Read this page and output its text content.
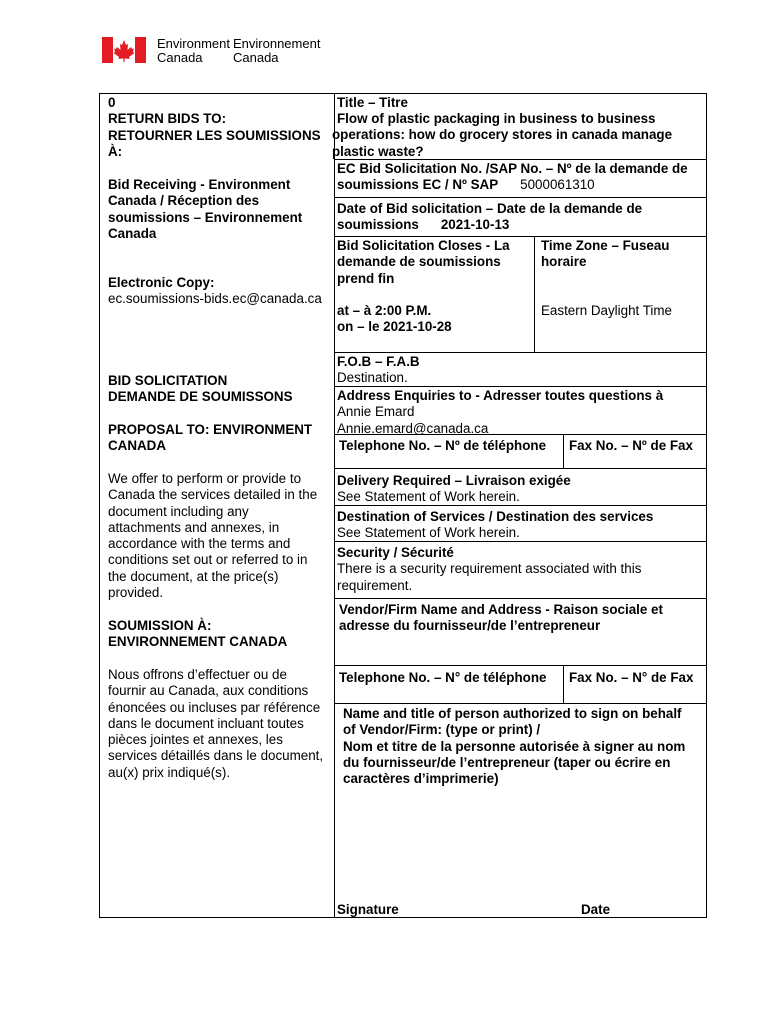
Environment
Canada
Environnement
Canada
0
RETURN BIDS TO:
RETOURNER LES SOUMISSIONS
À:
Bid Receiving - Environment
Canada / Réception des
soumissions – Environnement
Canada
Electronic Copy:
ec.soumissions-bids.ec@canada.ca
BID SOLICITATION
DEMANDE DE SOUMISSONS
PROPOSAL TO: ENVIRONMENT
CANADA
We offer to perform or provide to
Canada the services detailed in the
document including any
attachments and annexes, in
accordance with the terms and
conditions set out or referred to in
the document, at the price(s)
provided.
SOUMISSION À:
ENVIRONNEMENT CANADA
Nous offrons d’effectuer ou de
fournir au Canada, aux conditions
énoncées ou incluses par référence
dans le document incluant toutes
pièces jointes et annexes, les
services détaillés dans le document,
au(x) prix indiqué(s).
Title – Titre
Flow of plastic packaging in business to business
operations: how do grocery stores in canada manage
plastic waste?
EC Bid Solicitation No. /SAP No. – Nº de la demande de
soumissions EC / Nº SAP 5000061310
Date of Bid solicitation – Date de la demande de
soumissions 2021-10-13
Bid Solicitation Closes - La
demande de soumissions
prend fin
at – à 2:00 P.M.
on – le 2021-10-28
Time Zone – Fuseau
horaire
Eastern Daylight Time
F.O.B – F.A.B
Destination.
Address Enquiries to - Adresser toutes questions à
Annie Emard
Annie.emard@canada.ca
Telephone No. – Nº de téléphone Fax No. – Nº de Fax
Delivery Required – Livraison exigée
See Statement of Work herein.
Destination of Services / Destination des services
See Statement of Work herein.
Security / Sécurité
There is a security requirement associated with this
requirement.
Vendor/Firm Name and Address - Raison sociale et
adresse du fournisseur/de l’entrepreneur
Telephone No. – N° de téléphone Fax No. – N° de Fax
Name and title of person authorized to sign on behalf
of Vendor/Firm: (type or print) /
Nom et titre de la personne autorisée à signer au nom
du fournisseur/de l’entrepreneur (taper ou écrire en
caractères d’imprimerie)
Signature	Date
